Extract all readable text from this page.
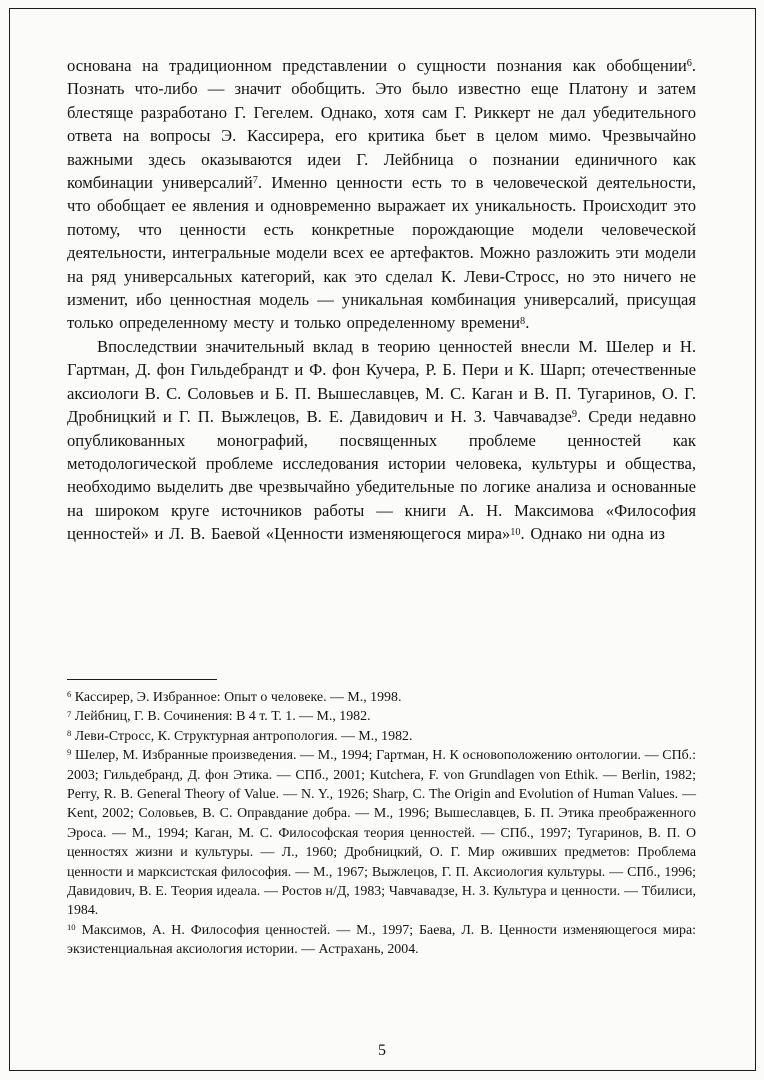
основана на традиционном представлении о сущности познания как обобщении$^6$. Познать что-либо — значит обобщить. Это было известно еще Платону и затем блестяще разработано Г. Гегелем. Однако, хотя сам Г. Риккерт не дал убедительного ответа на вопросы Э. Кассирера, его критика бьет в целом мимо. Чрезвычайно важными здесь оказываются идеи Г. Лейбница о познании единичного как комбинации универсалий$^7$. Именно ценности есть то в человеческой деятельности, что обобщает ее явления и одновременно выражает их уникальность. Происходит это потому, что ценности есть конкретные порождающие модели человеческой деятельности, интегральные модели всех ее артефактов. Можно разложить эти модели на ряд универсальных категорий, как это сделал К. Леви-Стросс, но это ничего не изменит, ибо ценностная модель — уникальная комбинация универсалий, присущая только определенному месту и только определенному времени$^8$.

Впоследствии значительный вклад в теорию ценностей внесли М. Шелер и Н. Гартман, Д. фон Гильдебрандт и Ф. фон Кучера, Р. Б. Пери и К. Шарп; отечественные аксиологи В. С. Соловьев и Б. П. Вышеславцев, М. С. Каган и В. П. Тугаринов, О. Г. Дробницкий и Г. П. Выжлецов, В. Е. Давидович и Н. З. Чавчавадзе$^9$. Среди недавно опубликованных монографий, посвященных проблеме ценностей как методологической проблеме исследования истории человека, культуры и общества, необходимо выделить две чрезвычайно убедительные по логике анализа и основанные на широком круге источников работы — книги А. Н. Максимова «Философия ценностей» и Л. В. Баевой «Ценности изменяющегося мира»$^{10}$. Однако ни одна из

$^6$ Кассирер, Э. Избранное: Опыт о человеке. — М., 1998.

$^7$ Лейбниц, Г. В. Сочинения: В 4 т. Т. 1. — М., 1982.

$^8$ Леви-Стросс, К. Структурная антропология. — М., 1982.

$^9$ Шелер, М. Избранные произведения. — М., 1994; Гартман, Н. К основоположению онтологии. — СПб.: 2003; Гильдебранд, Д. фон Этика. — СПб., 2001; Kutchera, F. von Grundlagen von Ethik. — Berlin, 1982; Perry, R. B. General Theory of Value. — N. Y., 1926; Sharp, C. The Origin and Evolution of Human Values. — Kent, 2002; Соловьев, В. С. Оправдание добра. — М., 1996; Вышеславцев, Б. П. Этика преображенного Эроса. — М., 1994; Каган, М. С. Философская теория ценностей. — СПб., 1997; Тугаринов, В. П. О ценностях жизни и культуры. — Л., 1960; Дробницкий, О. Г. Мир оживших предметов: Проблема ценности и марксистская философия. — М., 1967; Выжлецов, Г. П. Аксиология культуры. — СПб., 1996; Давидович, В. Е. Теория идеала. — Ростов н/Д, 1983; Чавчавадзе, Н. З. Культура и ценности. — Тбилиси, 1984.

$^{10}$ Максимов, А. Н. Философия ценностей. — М., 1997; Баева, Л. В. Ценности изменяющегося мира: экзистенциальная аксиология истории. — Астрахань, 2004.

5
